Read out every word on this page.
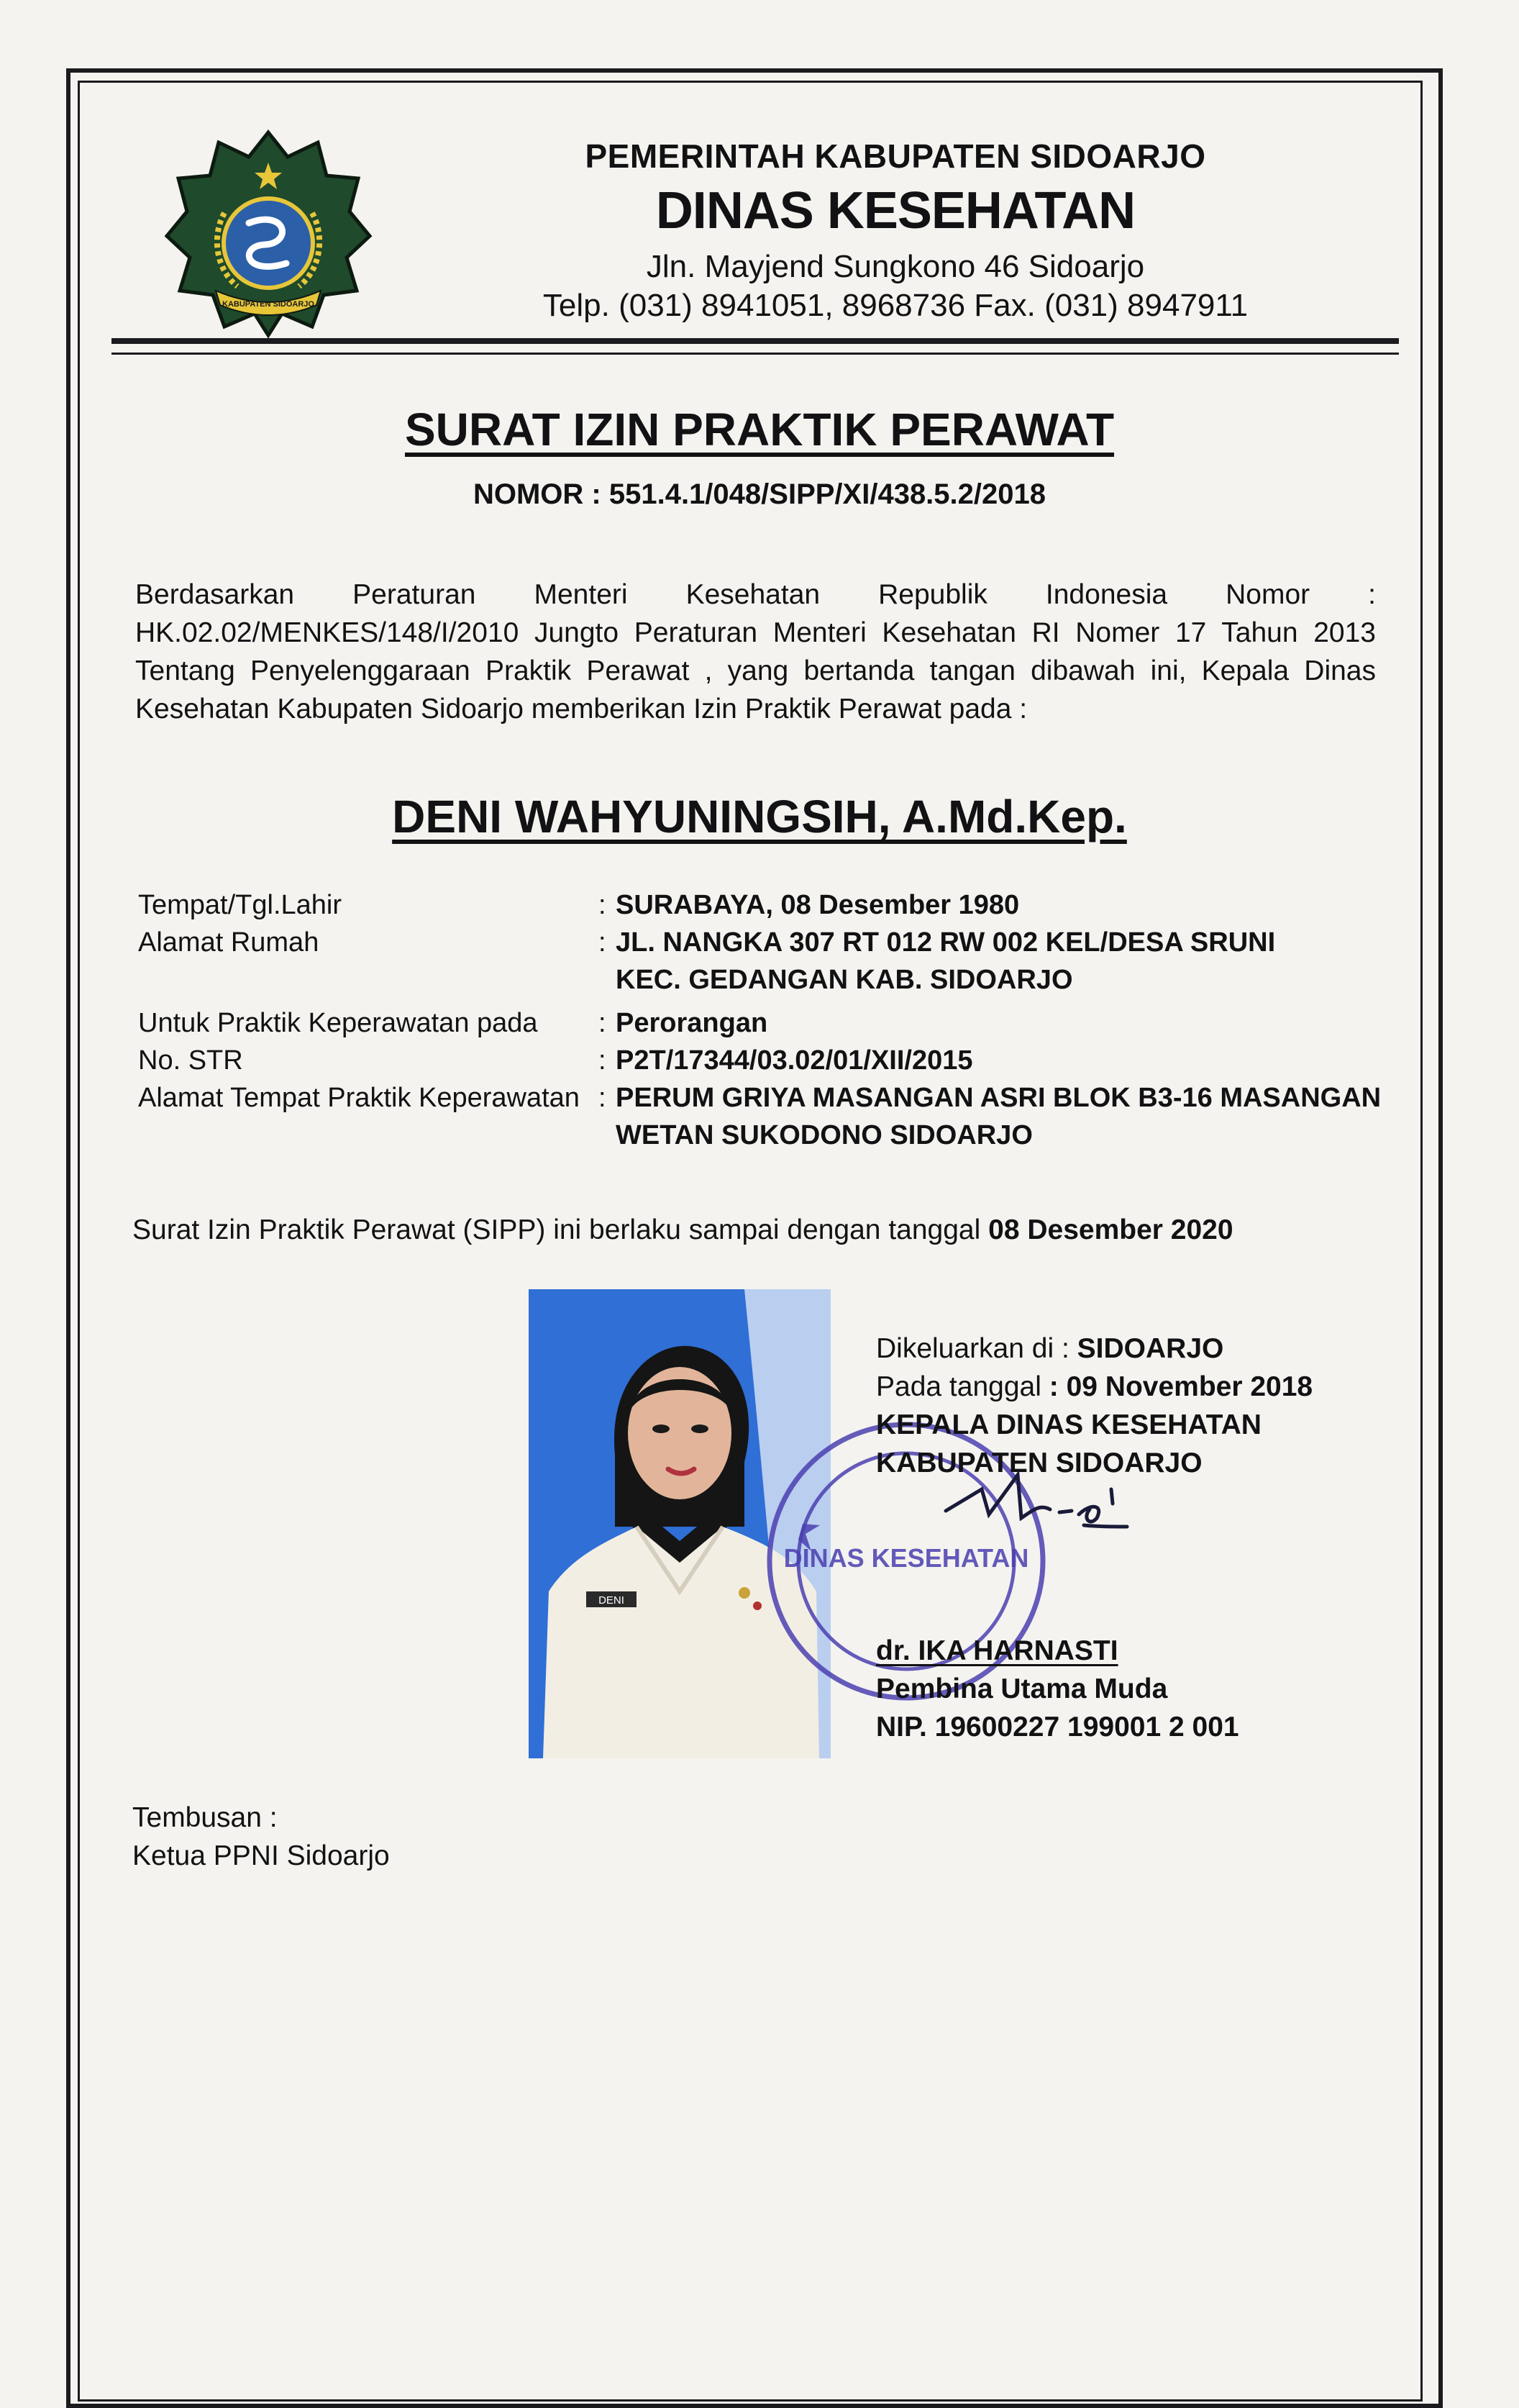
KABUPATEN SIDOARJO
PEMERINTAH KABUPATEN SIDOARJO
DINAS KESEHATAN
Jln. Mayjend Sungkono 46 Sidoarjo
Telp. (031) 8941051, 8968736 Fax. (031) 8947911
SURAT IZIN PRAKTIK PERAWAT
NOMOR : 551.4.1/048/SIPP/XI/438.5.2/2018
Berdasarkan Peraturan Menteri Kesehatan Republik Indonesia Nomor : HK.02.02/MENKES/148/I/2010 Jungto Peraturan Menteri Kesehatan RI Nomer 17 Tahun 2013 Tentang Penyelenggaraan Praktik Perawat , yang bertanda tangan dibawah ini, Kepala Dinas Kesehatan Kabupaten Sidoarjo memberikan Izin Praktik Perawat pada :
DENI WAHYUNINGSIH, A.Md.Kep.
Tempat/Tgl.Lahir	: SURABAYA, 08 Desember 1980
Alamat Rumah	: JL. NANGKA 307 RT 012 RW 002 KEL/DESA SRUNI
KEC. GEDANGAN KAB. SIDOARJO
Untuk Praktik Keperawatan pada	: Perorangan
No. STR	: P2T/17344/03.02/01/XII/2015
Alamat Tempat Praktik Keperawatan : PERUM GRIYA MASANGAN ASRI BLOK B3-16 MASANGAN
WETAN SUKODONO SIDOARJO
Surat Izin Praktik Perawat (SIPP) ini berlaku sampai dengan tanggal 08 Desember 2020
DENI
DINAS KESEHATAN
Dikeluarkan di : SIDOARJO
Pada tanggal : 09 November 2018
KEPALA DINAS KESEHATAN
KABUPATEN SIDOARJO
dr. IKA HARNASTI
Pembina Utama Muda
NIP. 19600227 199001 2 001
Tembusan :
Ketua PPNI Sidoarjo
